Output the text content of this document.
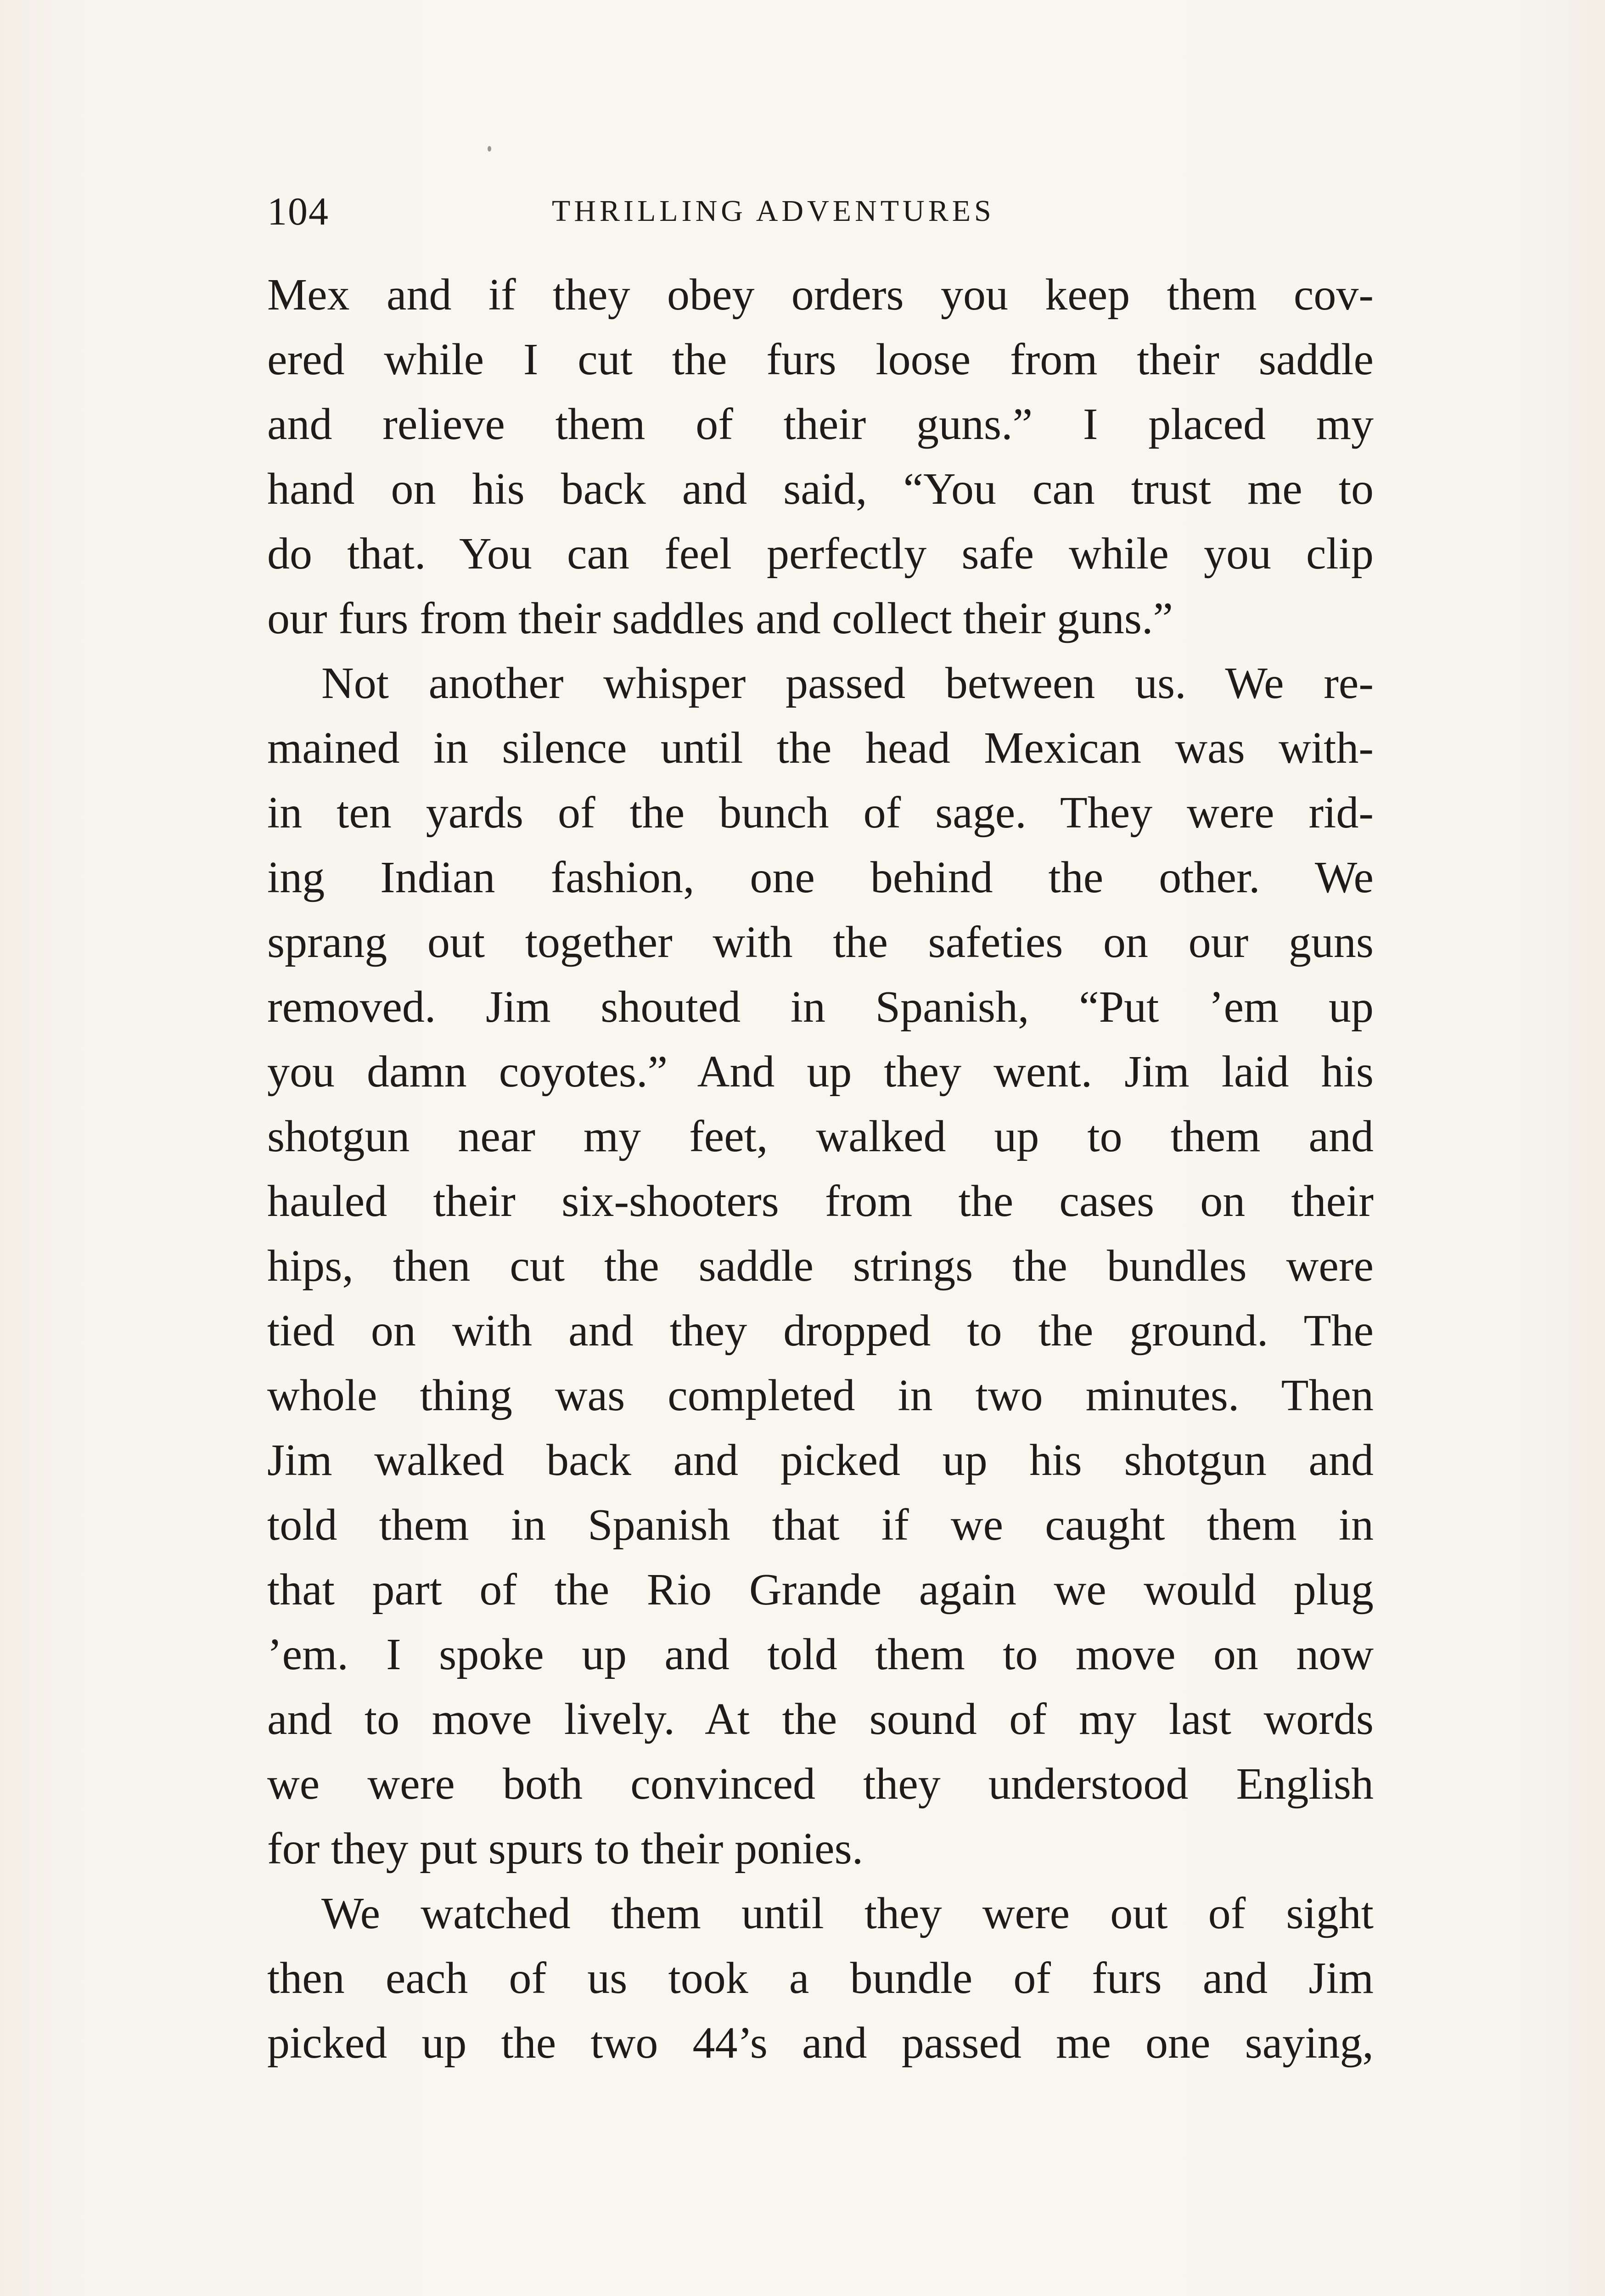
104	THRILLING ADVENTURES
Mex and if they obey orders you keep them cov-
ered while I cut the furs loose from their saddle
and relieve them of their guns.” I placed my
hand on his back and said, “You can trust me to
do that. You can feel perfectly safe while you clip
our furs from their saddles and collect their guns.”
Not another whisper passed between us. We re-
mained in silence until the head Mexican was with-
in ten yards of the bunch of sage. They were rid-
ing Indian fashion, one behind the other. We
sprang out together with the safeties on our guns
removed. Jim shouted in Spanish, “Put ’em up
you damn coyotes.” And up they went. Jim laid his
shotgun near my feet, walked up to them and
hauled their six-shooters from the cases on their
hips, then cut the saddle strings the bundles were
tied on with and they dropped to the ground. The
whole thing was completed in two minutes. Then
Jim walked back and picked up his shotgun and
told them in Spanish that if we caught them in
that part of the Rio Grande again we would plug
’em. I spoke up and told them to move on now
and to move lively. At the sound of my last words
we were both convinced they understood English
for they put spurs to their ponies.
We watched them until they were out of sight
then each of us took a bundle of furs and Jim
picked up the two 44’s and passed me one saying,
